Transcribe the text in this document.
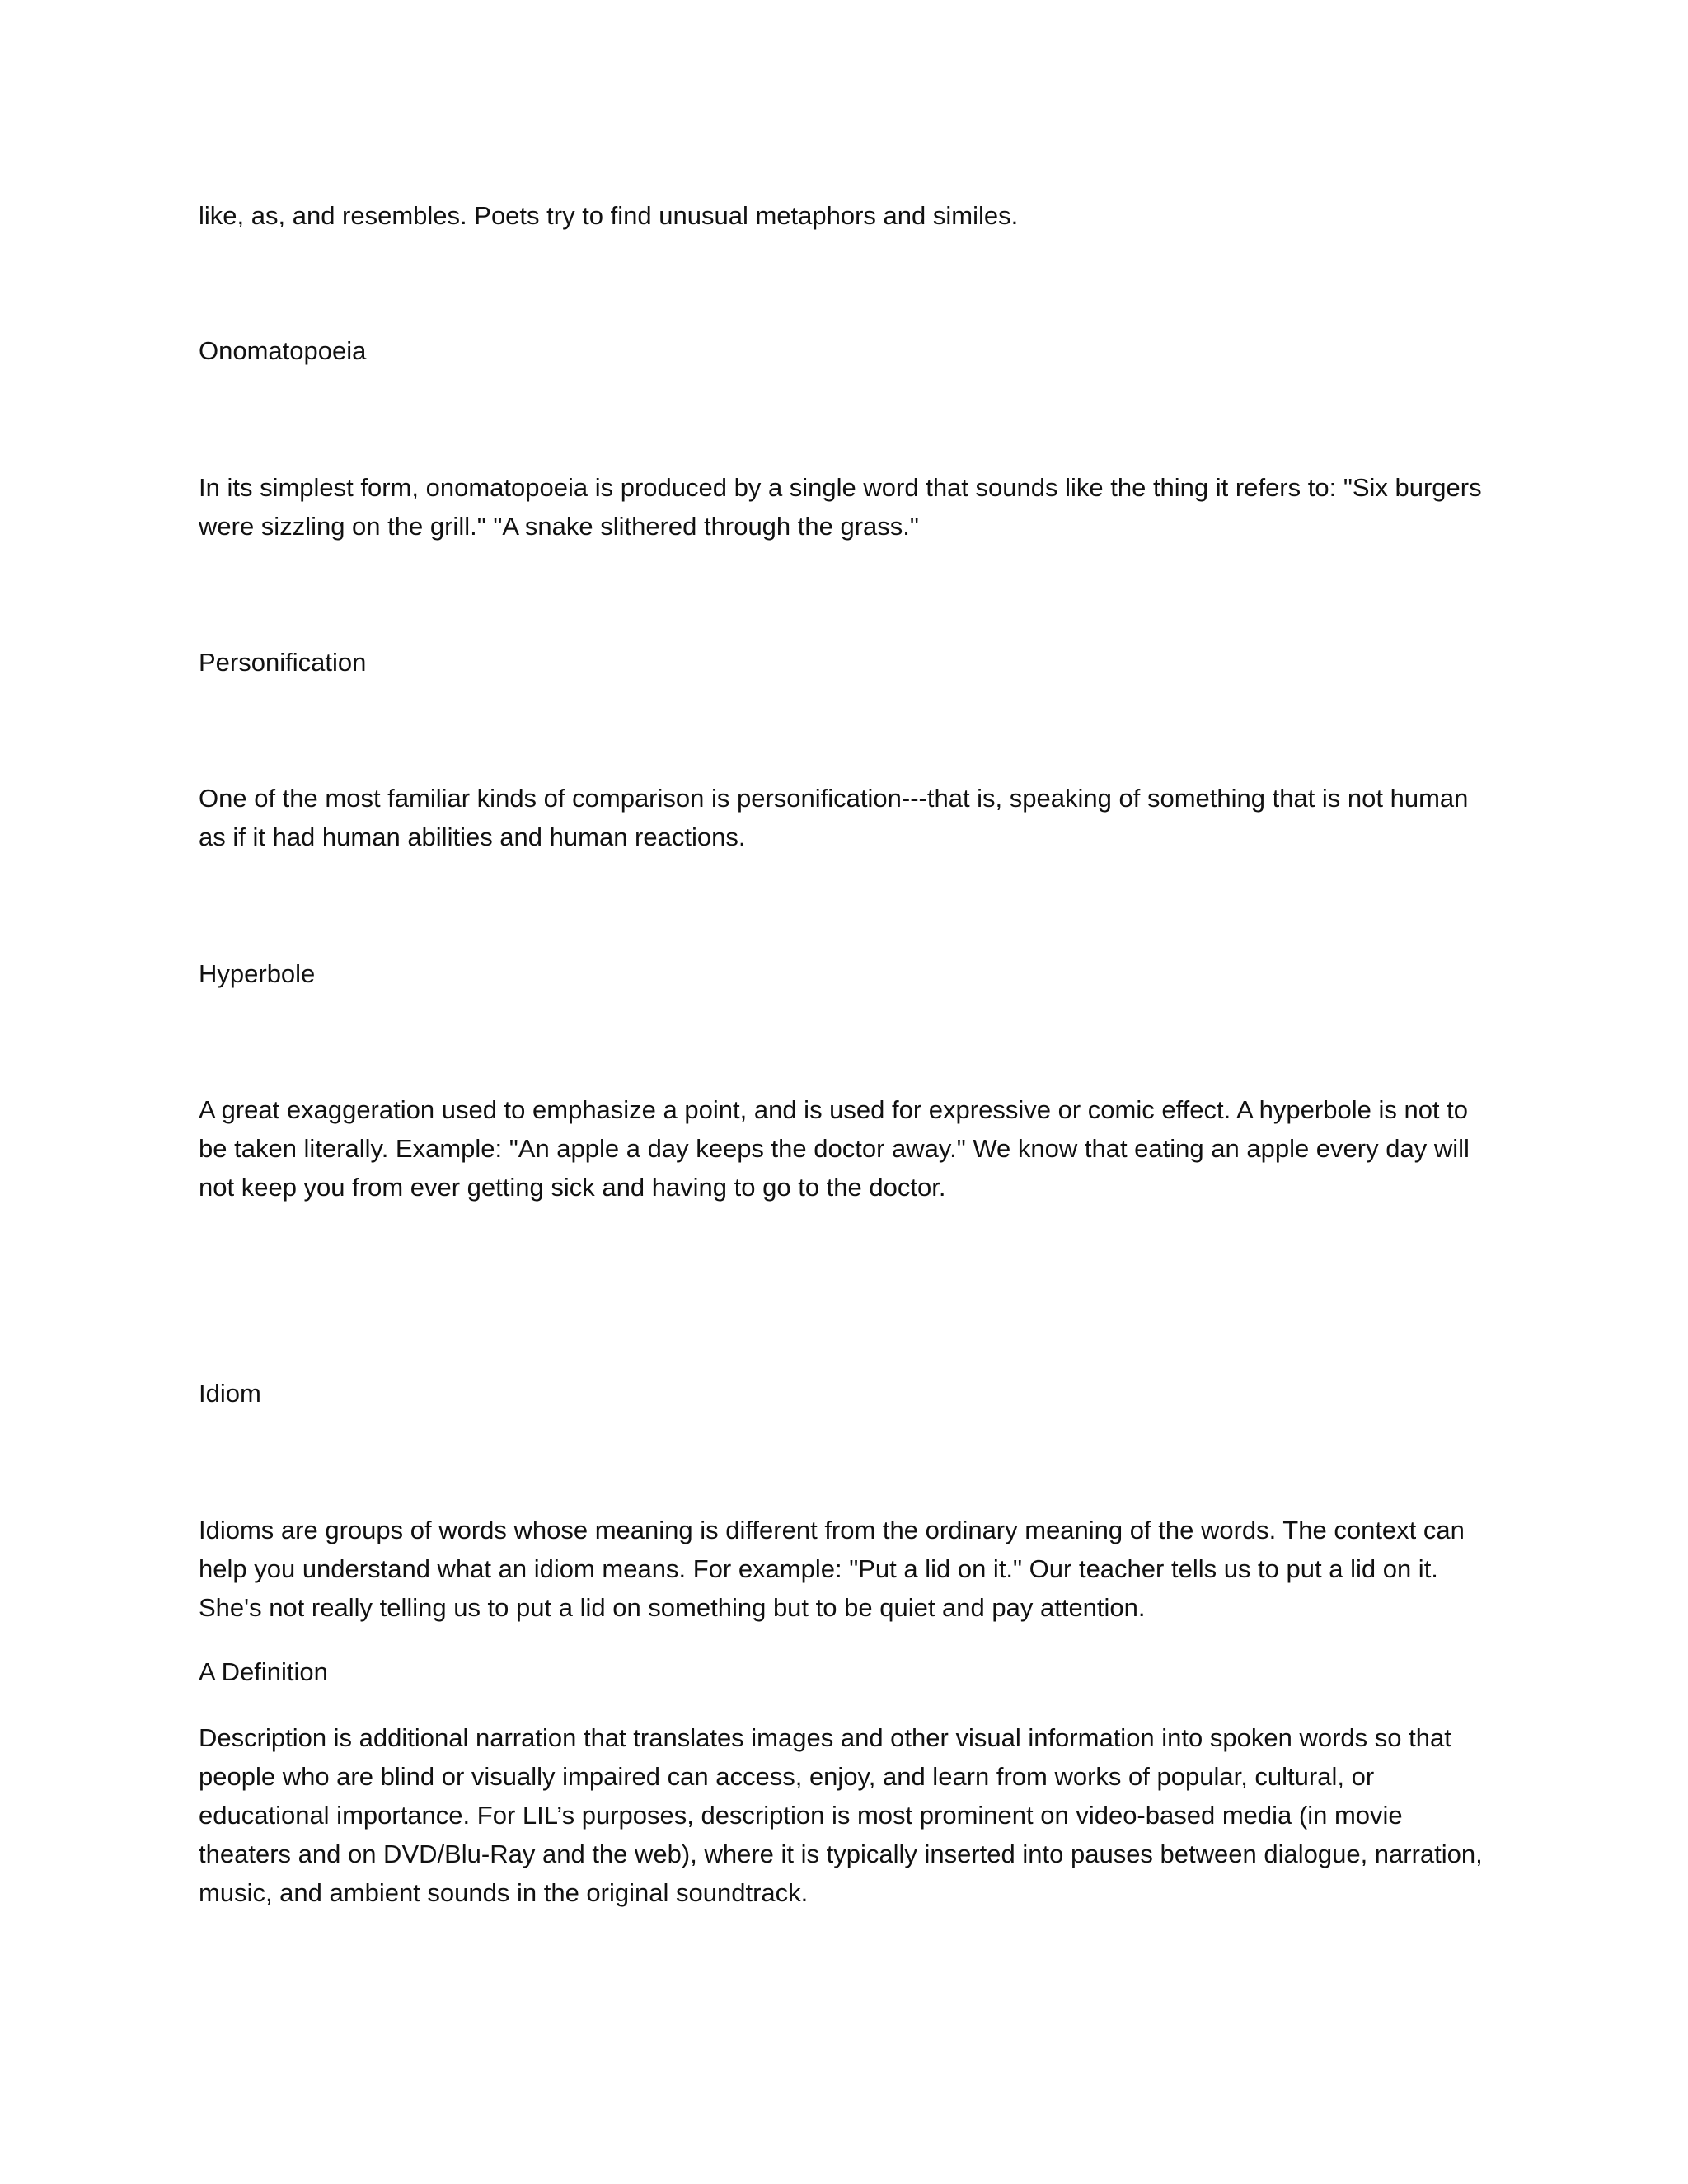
like, as, and resembles. Poets try to find unusual metaphors and similes.

Onomatopoeia

In its simplest form, onomatopoeia is produced by a single word that sounds like the thing it refers to: "Six burgers were sizzling on the grill." "A snake slithered through the grass."

Personification

One of the most familiar kinds of comparison is personification---that is, speaking of something that is not human as if it had human abilities and human reactions.

Hyperbole

A great exaggeration used to emphasize a point, and is used for expressive or comic effect. A hyperbole is not to be taken literally. Example: "An apple a day keeps the doctor away." We know that eating an apple every day will not keep you from ever getting sick and having to go to the doctor.

Idiom

Idioms are groups of words whose meaning is different from the ordinary meaning of the words. The context can help you understand what an idiom means. For example: "Put a lid on it." Our teacher tells us to put a lid on it. She's not really telling us to put a lid on something but to be quiet and pay attention.

A Definition

Description is additional narration that translates images and other visual information into spoken words so that people who are blind or visually impaired can access, enjoy, and learn from works of popular, cultural, or educational importance. For LIL’s purposes, description is most prominent on video-based media (in movie theaters and on DVD/Blu-Ray and the web), where it is typically inserted into pauses between dialogue, narration, music, and ambient sounds in the original soundtrack.
